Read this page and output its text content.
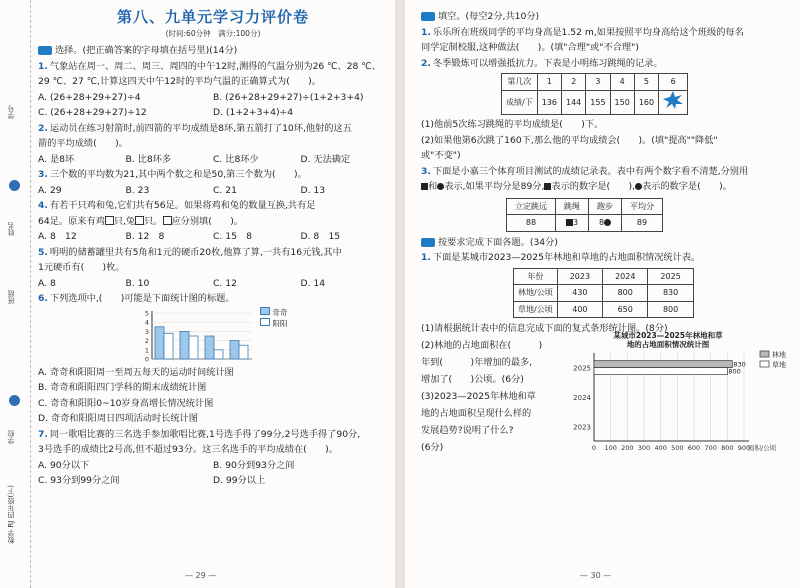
学号
姓名
班级
学校
数学 RJ 四年级(下)
第八、九单元学习力评价卷
(时间:60分钟　满分:100分)
选择。(把正确答案的字母填在括号里)(14分)
1. 气象站在周一、周二、周三、周四的中午12时,测得的气温分别为26 ℃、28 ℃、
29 ℃、27 ℃,计算这四天中午12时的平均气温的正确算式为(　　)。
A. (26+28+29+27)÷4	B. (26+28+29+27)÷(1+2+3+4)
C. (26+28+29+27)÷12	D. (1+2+3+4)÷4
2. 运动员在练习射箭时,前四箭的平均成绩是8环,第五箭打了10环,他射的这五
箭的平均成绩(　　)。
A. 是8环	B. 比8环多	C. 比8环少	D. 无法确定
3. 三个数的平均数为21,其中两个数之和是50,第三个数为(　　)。
A. 29	B. 23	C. 21	D. 13
4. 有若干只鸡和兔,它们共有56足。如果将鸡和兔的数量互换,共有足
64足。原来有鸡 只,兔 只。 应分别填(　　)。
A. 8　12	B. 12　8	C. 15　8	D. 8　15
5. 明明的储蓄罐里共有5角和1元的硬币20枚,他算了算,一共有16元钱,其中
1元硬币有(　　)枚。
A. 8	B. 10	C. 12	D. 14
6. 下列选项中,(　　)可能是下面统计图的标题。
0
1
2
3
4
5	奇奇
阳阳
A. 奇奇和阳阳周一至周五每天的运动时间统计图
B. 奇奇和阳阳四门学科的期末成绩统计图
C. 奇奇和阳阳0~10岁身高增长情况统计图
D. 奇奇和阳阳周日四项活动时长统计图
7. 同一歌唱比赛的三名选手参加歌唱比赛,1号选手得了99分,2号选手得了90分,
3号选手的成绩比2号高,但不超过93分。这三名选手的平均成绩在(　　)。
A. 90分以下	B. 90分到93分之间
C. 93分到99分之间	D. 99分以上
— 29 —
填空。(每空2分,共10分)
1. 乐乐所在班级同学的平均身高是1.52 m,如果按照平均身高给这个班级的每名
同学定制校服,这种做法(　　)。(填"合理"或"不合理")
2. 冬季锻炼可以增强抵抗力。下表是小明练习跳绳的记录。
第几次	1	2	3	4	5	6
成绩/下	136	144	155	150	160	
(1)他前5次练习跳绳的平均成绩是(　　)下。
(2)如果他第6次跳了160下,那么他的平均成绩会(　　)。(填"提高""降低"
或"不变")
3. 下面是小嘉三个体育项目测试的成绩记录表。表中有两个数字看不清楚,分别用
和 表示,如果平均分是89分, 表示的数字是(　　), 表示的数字是(　　)。
立定跳远	跳绳	跑步	平均分
88	3	8	89
按要求完成下面各题。(34分)
1. 下面是某城市2023—2025年林地和草地的占地面积情况统计表。
年份	2023	2024	2025
林地/公顷	430	800	830
草地/公顷	400	650	800
(1)请根据统计表中的信息完成下面的复式条形统计图。(8分)
(2)林地的占地面积在(　　　)
年到(　　　)年增加的最多,
增加了(　　)公顷。(6分)
(3)2023—2025年林地和草
地的占地面积呈现什么样的
发展趋势?说明了什么?
(6分)
某城市2023—2025年林地和草
地的占地面积情况统计图
0 100 200 300 400 500 600 700 800 900
面积/公顷
2025
2024
2023
830
800
林地
草地
— 30 —
